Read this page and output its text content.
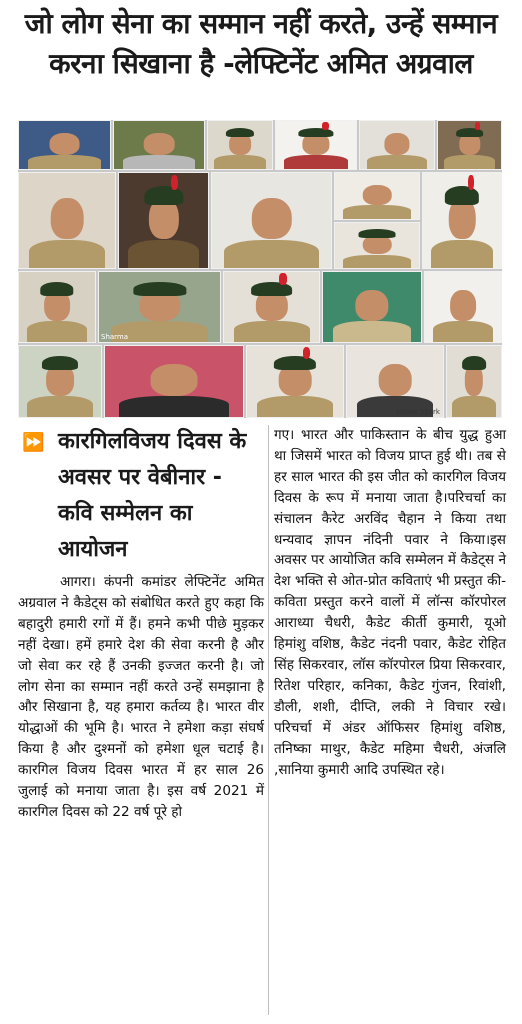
जो लोग सेना का सम्मान नहीं करते, उन्हें सम्मान
करना सिखाना है -लेफ्टिनेंट अमित अग्रवाल
Sharma
Adobe Spark
⏩ कारगिलविजय दिवस के अवसर पर वेबीनार - कवि सम्मेलन का आयोजन
आगरा। कंपनी कमांडर लेफ्टिनेंट अमित अग्रवाल ने कैडेट्स को संबोधित करते हुए कहा कि बहादुरी हमारी रगों में हैं। हमने कभी पीछे मुड़कर नहीं देखा। हमें हमारे देश की सेवा करनी है और जो सेवा कर रहे हैं उनकी इज्जत करनी है। जो लोग सेना का सम्मान नहीं करते उन्हें समझाना है और सिखाना है, यह हमारा कर्तव्य है। भारत वीर योद्धाओं की भूमि है। भारत ने हमेशा कड़ा संघर्ष किया है और दुश्मनों को हमेशा धूल चटाई है। कारगिल विजय दिवस भारत में हर साल 26 जुलाई को मनाया जाता है। इस वर्ष 2021 में कारगिल दिवस को 22 वर्ष पूरे हो
गए। भारत और पाकिस्तान के बीच युद्ध हुआ था जिसमें भारत को विजय प्राप्त हुई थी। तब से हर साल भारत की इस जीत को कारगिल विजय दिवस के रूप में मनाया जाता है।परिचर्चा का संचालन कैरेट अरविंद चैहान ने किया तथा धन्यवाद ज्ञापन नंदिनी पवार ने किया।इस अवसर पर आयोजित कवि सम्मेलन में कैडेट्स ने देश भक्ति से ओत-प्रोत कविताएं भी प्रस्तुत की- कविता प्रस्तुत करने वालों में लॉन्स कॉरपोरल आराध्या चैधरी, कैडेट कीर्ती कुमारी, यूओ हिमांशु वशिष्ठ, कैडेट नंदनी पवार, कैडेट रोहित सिंह सिकरवार, लॉस कॉरपोरल प्रिया सिकरवार, रितेश परिहार, कनिका, कैडेट गुंजन, रिवांशी, डौली, शशी, दीप्ति, लकी ने विचार रखे। परिचर्चा में अंडर ऑफिसर हिमांशु वशिष्ठ, तनिष्का माथुर, कैडेट महिमा चैधरी, अंजलि ,सानिया कुमारी आदि उपस्थित रहे।
